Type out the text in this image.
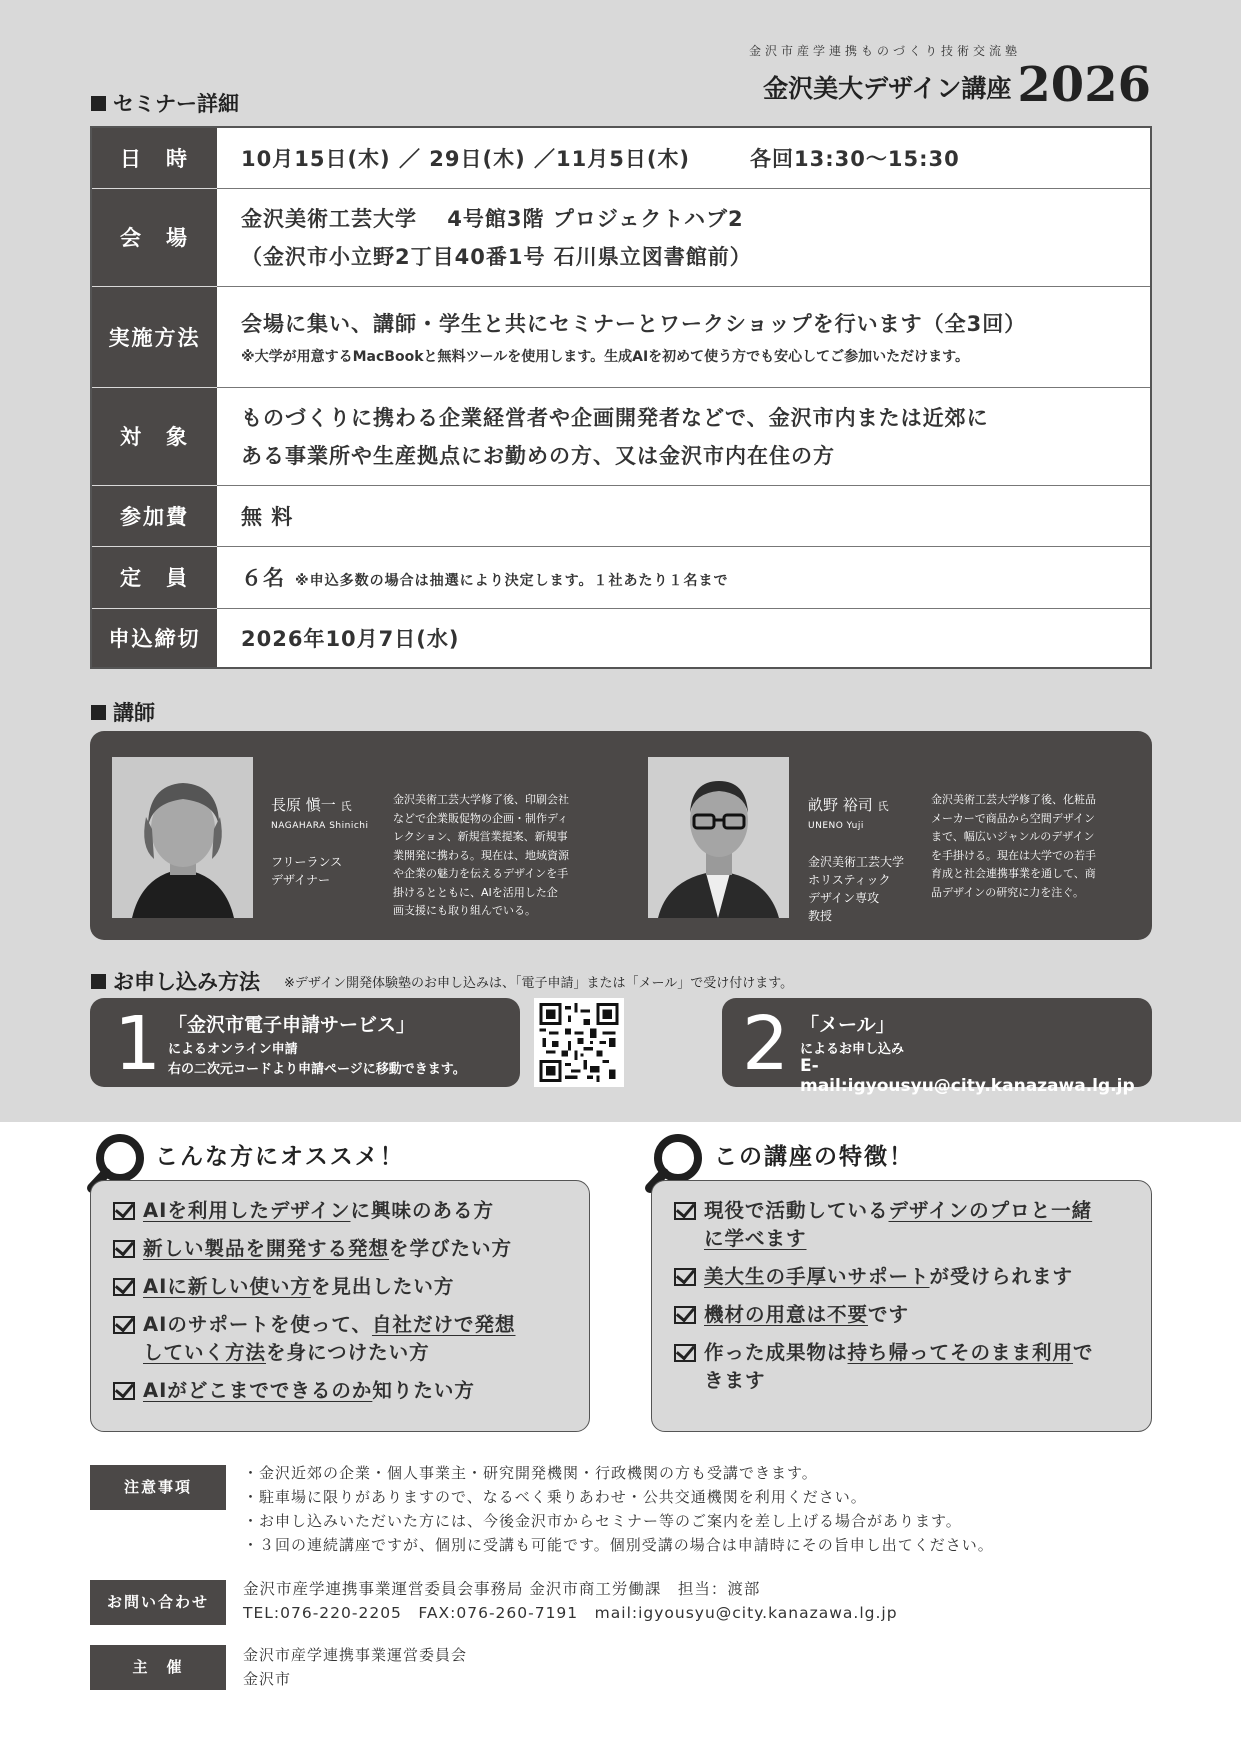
金沢市産学連携ものづくり技術交流塾
金沢美大デザイン講座 2026
セミナー詳細
日　時	10月15日(木) ／ 29日(木) ／11月5日(木) 各回13:30〜15:30
会　場	金沢美術工芸大学　 4号館3階 プロジェクトハブ2
（金沢市小立野2丁目40番1号 石川県立図書館前）

実施方法	会場に集い、講師・学生と共にセミナーとワークショップを行います（全3回）
※大学が用意するMacBookと無料ツールを使用します。生成AIを初めて使う方でも安心してご参加いただけます。

対　象	ものづくりに携わる企業経営者や企画開発者などで、金沢市内または近郊に
ある事業所や生産拠点にお勤めの方、又は金沢市内在住の方

参加費	無 料
定　員	６名 ※申込多数の場合は抽選により決定します。１社あたり１名まで
申込締切	2026年10月7日(水)
講師
長原 愼一 氏
NAGAHARA Shinichi
フリーランス
デザイナー
金沢美術工芸大学修了後、印刷会社
などで企業販促物の企画・制作ディ
レクション、新規営業提案、新規事
業開発に携わる。現在は、地域資源
や企業の魅力を伝えるデザインを手
掛けるとともに、AIを活用した企
画支援にも取り組んでいる。
畝野 裕司 氏
UNENO Yuji
金沢美術工芸大学
ホリスティック
デザイン専攻
教授
金沢美術工芸大学修了後、化粧品
メーカーで商品から空間デザイン
まで、幅広いジャンルのデザイン
を手掛ける。現在は大学での若手
育成と社会連携事業を通して、商
品デザインの研究に力を注ぐ。
お申し込み方法 ※デザイン開発体験塾のお申し込みは、「電子申請」または「メール」で受け付けます。
1 「金沢市電子申請サービス」
によるオンライン申請
右の二次元コードより申請ページに移動できます。	2 「メール」
によるお申し込み
E-mail:igyousyu@city.kanazawa.lg.jp
こんな方にオススメ！
AIを利用したデザインに興味のある方
新しい製品を開発する発想を学びたい方
AIに新しい使い方を見出したい方
AIのサポートを使って、自社だけで発想
していく方法を身につけたい方
AIがどこまでできるのか知りたい方
この講座の特徴！
現役で活動しているデザインのプロと一緒
に学べます
美大生の手厚いサポートが受けられます
機材の用意は不要です
作った成果物は持ち帰ってそのまま利用で
きます
注意事項
・金沢近郊の企業・個人事業主・研究開発機関・行政機関の方も受講できます。
・駐車場に限りがありますので、なるべく乗りあわせ・公共交通機関を利用ください。
・お申し込みいただいた方には、今後金沢市からセミナー等のご案内を差し上げる場合があります。
・３回の連続講座ですが、個別に受講も可能です。個別受講の場合は申請時にその旨申し出てください。
お問い合わせ
金沢市産学連携事業運営委員会事務局 金沢市商工労働課　担当：渡部
TEL:076-220-2205　FAX:076-260-7191　mail:igyousyu@city.kanazawa.lg.jp
主　催
金沢市産学連携事業運営委員会
金沢市
